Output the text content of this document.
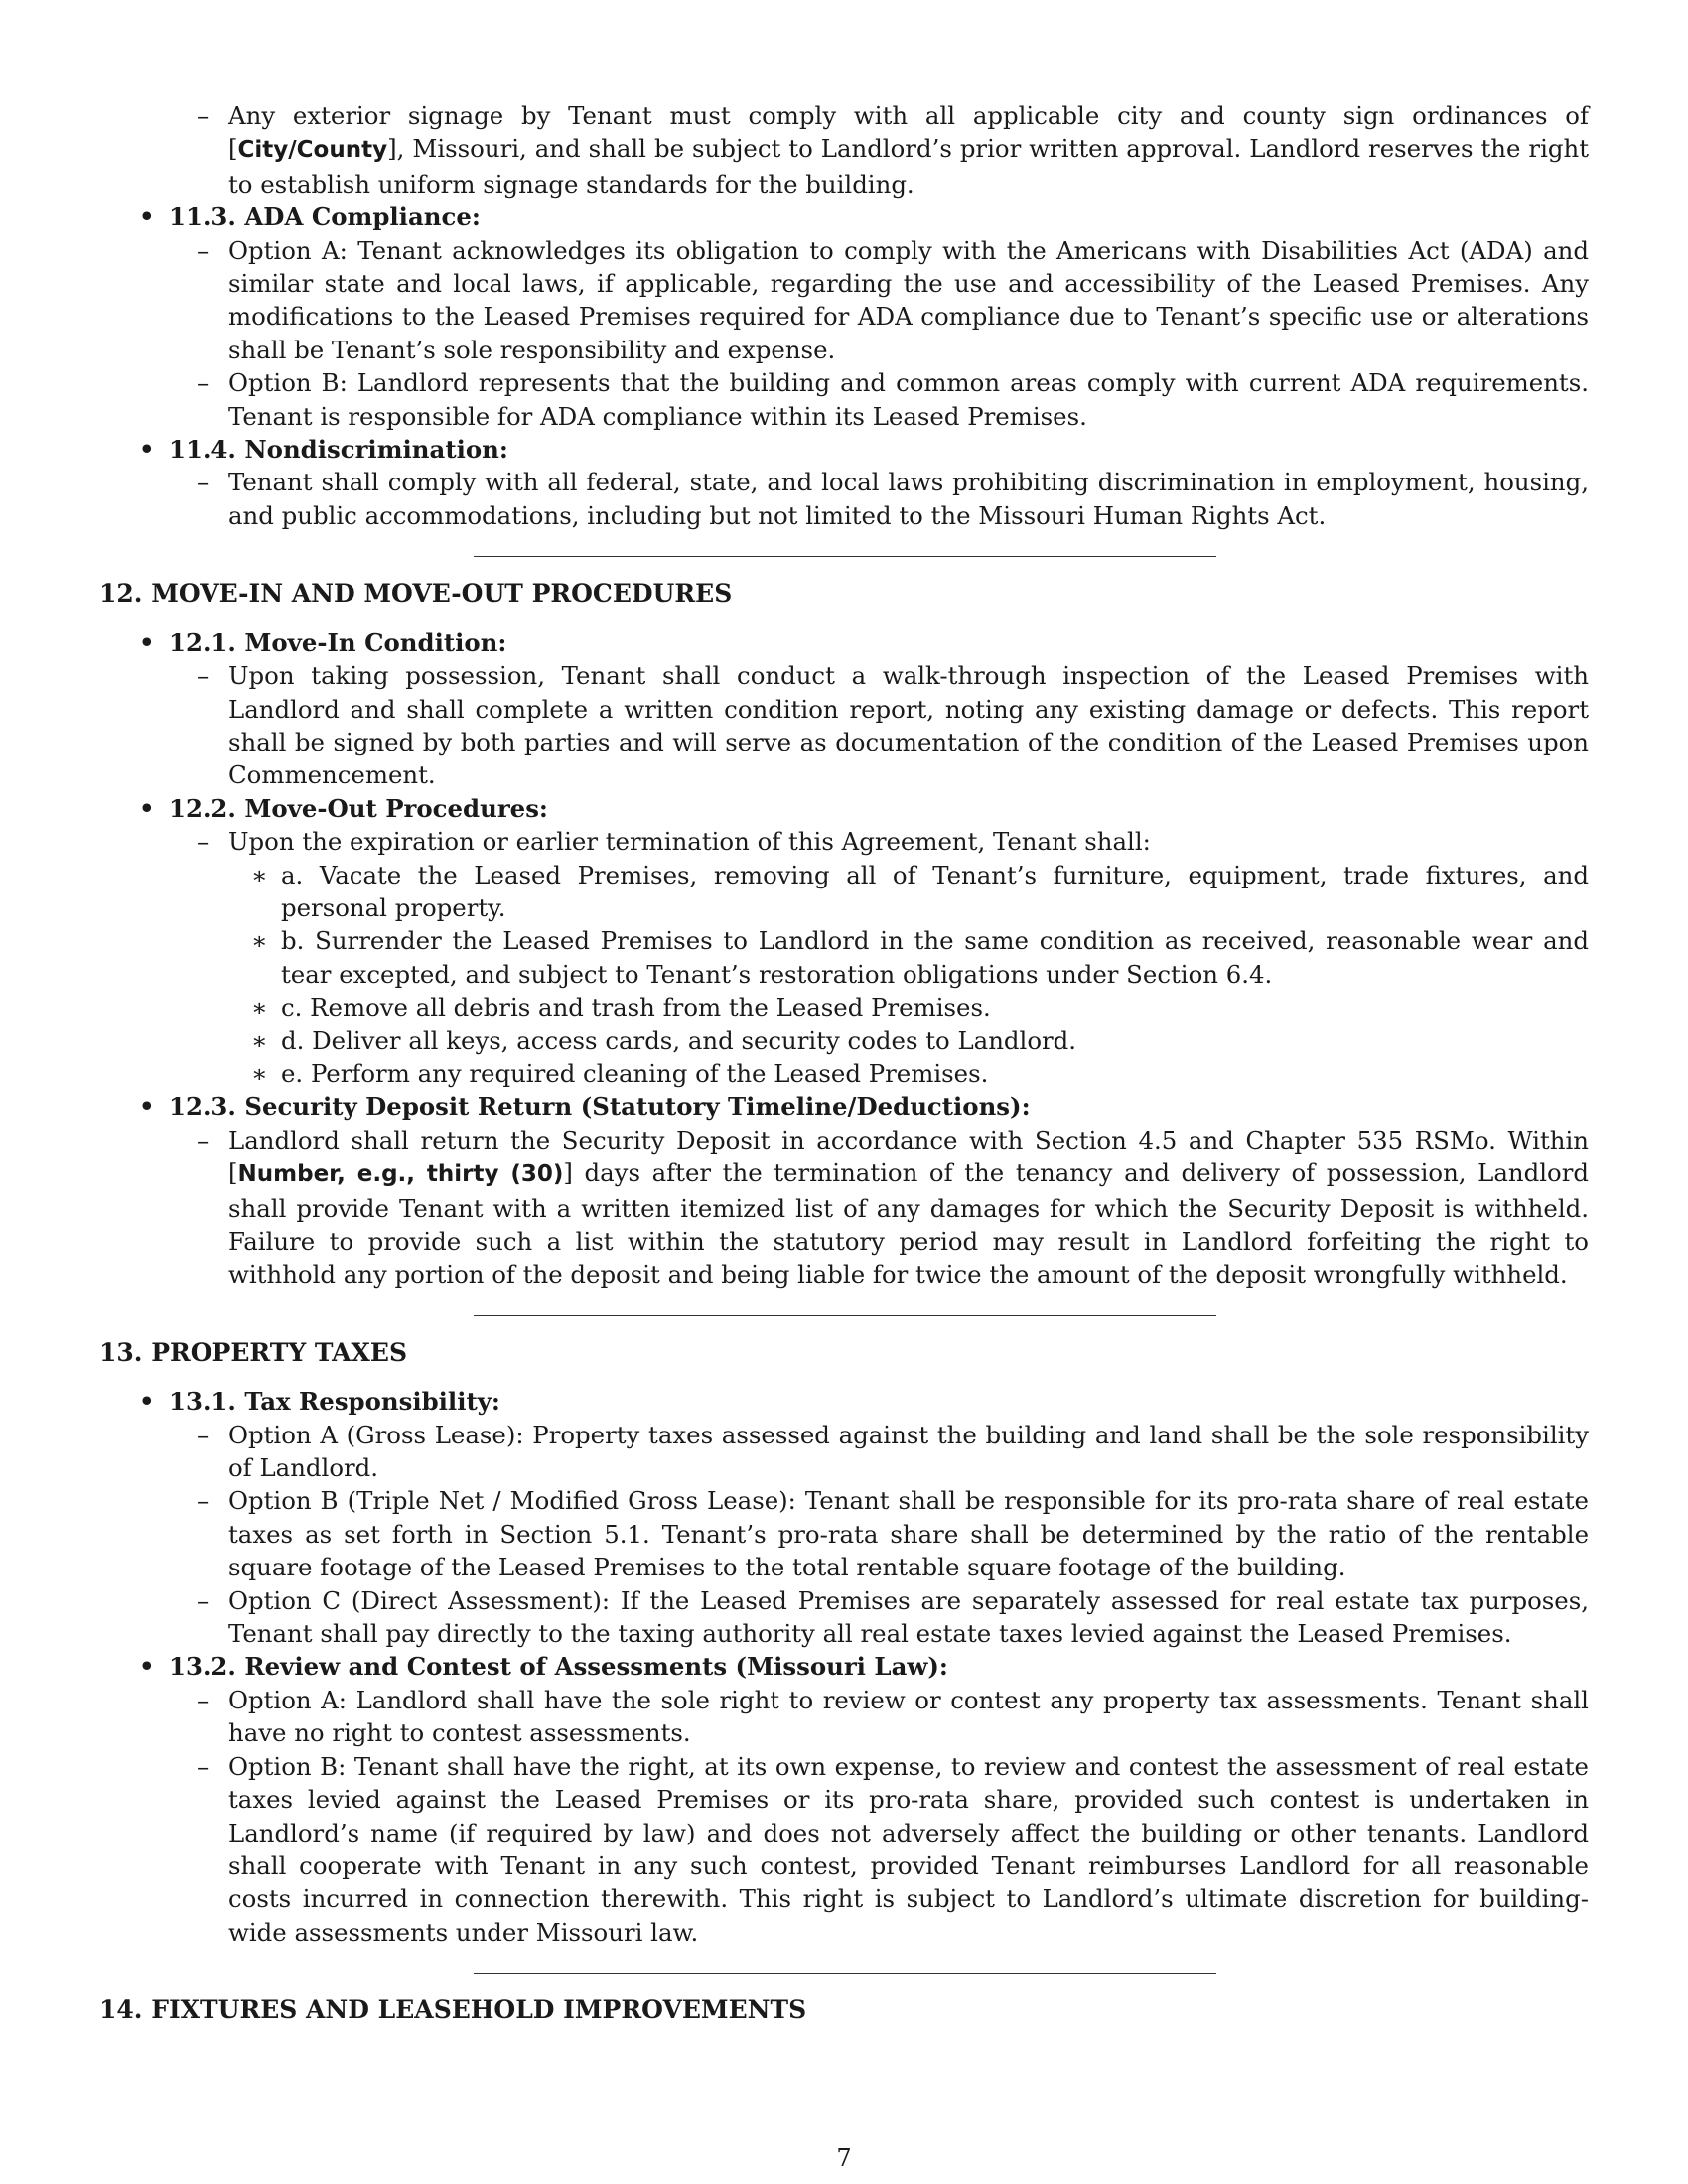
– Any exterior signage by Tenant must comply with all applicable city and county sign ordinances of [City/County], Missouri, and shall be subject to Landlord’s prior written approval. Landlord reserves the right to establish uniform signage standards for the building.

• 11.3. ADA Compliance:

– Option A: Tenant acknowledges its obligation to comply with the Americans with Disabilities Act (ADA) and similar state and local laws, if applicable, regarding the use and accessibility of the Leased Premises. Any modifications to the Leased Premises required for ADA compliance due to Tenant’s specific use or alterations shall be Tenant’s sole responsibility and expense.

– Option B: Landlord represents that the building and common areas comply with current ADA requirements. Tenant is responsible for ADA compliance within its Leased Premises.

• 11.4. Nondiscrimination:

– Tenant shall comply with all federal, state, and local laws prohibiting discrimination in employment, housing, and public accommodations, including but not limited to the Missouri Human Rights Act.

12. MOVE-IN AND MOVE-OUT PROCEDURES

• 12.1. Move-In Condition:

– Upon taking possession, Tenant shall conduct a walk-through inspection of the Leased Premises with Landlord and shall complete a written condition report, noting any existing damage or defects. This report shall be signed by both parties and will serve as documentation of the condition of the Leased Premises upon Commencement.

• 12.2. Move-Out Procedures:

– Upon the expiration or earlier termination of this Agreement, Tenant shall:

∗ a. Vacate the Leased Premises, removing all of Tenant’s furniture, equipment, trade fixtures, and personal property.

∗ b. Surrender the Leased Premises to Landlord in the same condition as received, reasonable wear and tear excepted, and subject to Tenant’s restoration obligations under Section 6.4.

∗ c. Remove all debris and trash from the Leased Premises.

∗ d. Deliver all keys, access cards, and security codes to Landlord.

∗ e. Perform any required cleaning of the Leased Premises.

• 12.3. Security Deposit Return (Statutory Timeline/Deductions):

– Landlord shall return the Security Deposit in accordance with Section 4.5 and Chapter 535 RSMo. Within [Number, e.g., thirty (30)] days after the termination of the tenancy and delivery of possession, Landlord shall provide Tenant with a written itemized list of any damages for which the Security Deposit is withheld. Failure to provide such a list within the statutory period may result in Landlord forfeiting the right to withhold any portion of the deposit and being liable for twice the amount of the deposit wrongfully withheld.

13. PROPERTY TAXES

• 13.1. Tax Responsibility:

– Option A (Gross Lease): Property taxes assessed against the building and land shall be the sole responsibility of Landlord.

– Option B (Triple Net / Modified Gross Lease): Tenant shall be responsible for its pro-rata share of real estate taxes as set forth in Section 5.1. Tenant’s pro-rata share shall be determined by the ratio of the rentable square footage of the Leased Premises to the total rentable square footage of the building.

– Option C (Direct Assessment): If the Leased Premises are separately assessed for real estate tax purposes, Tenant shall pay directly to the taxing authority all real estate taxes levied against the Leased Premises.

• 13.2. Review and Contest of Assessments (Missouri Law):

– Option A: Landlord shall have the sole right to review or contest any property tax assessments. Tenant shall have no right to contest assessments.

– Option B: Tenant shall have the right, at its own expense, to review and contest the assessment of real estate taxes levied against the Leased Premises or its pro-rata share, provided such contest is undertaken in Landlord’s name (if required by law) and does not adversely affect the building or other tenants. Landlord shall cooperate with Tenant in any such contest, provided Tenant reimburses Landlord for all reasonable costs incurred in connection therewith. This right is subject to Landlord’s ultimate discretion for building-wide assessments under Missouri law.

14. FIXTURES AND LEASEHOLD IMPROVEMENTS

7
